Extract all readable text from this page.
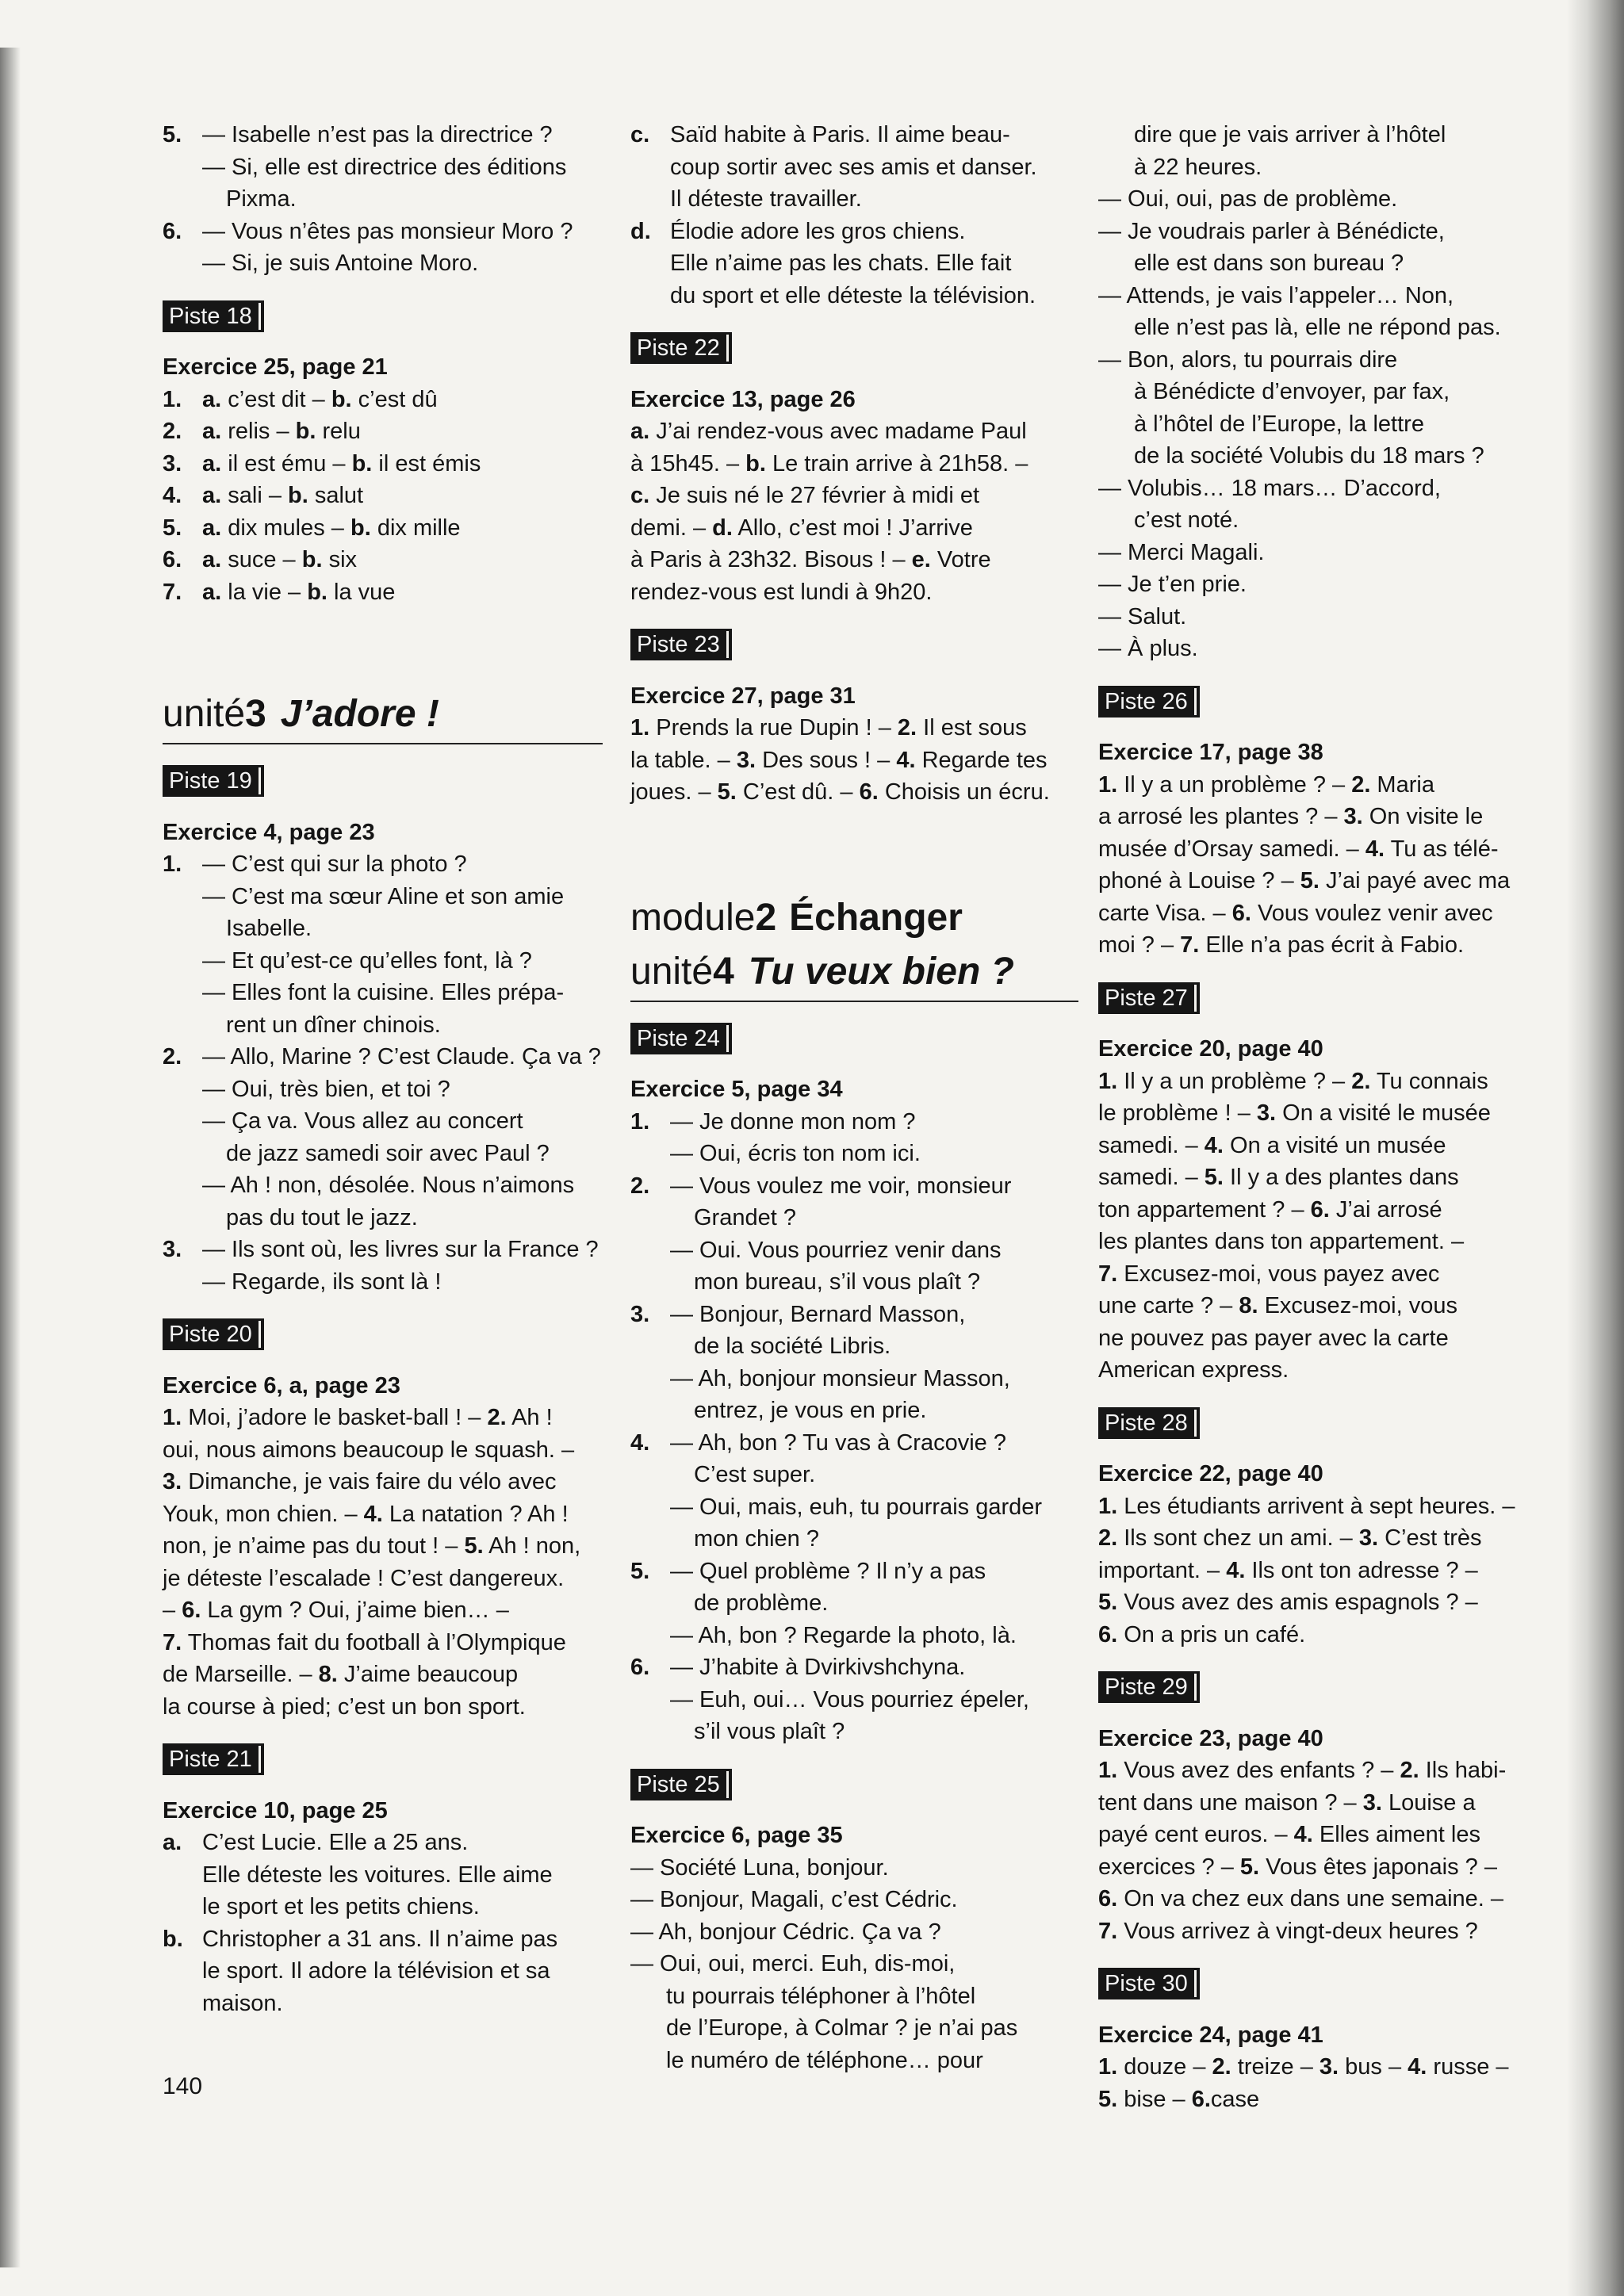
5. — Isabelle n’est pas la directrice ?
— Si, elle est directrice des éditions
Pixma.
6. — Vous n’êtes pas monsieur Moro ?
— Si, je suis Antoine Moro.
Piste 18
Exercice 25, page 21
1. a. c’est dit – b. c’est dû
2. a. relis – b. relu
3. a. il est ému – b. il est émis
4. a. sali – b. salut
5. a. dix mules – b. dix mille
6. a. suce – b. six
7. a. la vie – b. la vue
unité3 J’adore !
Piste 19
Exercice 4, page 23
1. — C’est qui sur la photo ?
— C’est ma sœur Aline et son amie
Isabelle.
— Et qu’est-ce qu’elles font, là ?
— Elles font la cuisine. Elles prépa-
rent un dîner chinois.
2. — Allo, Marine ? C’est Claude. Ça va ?
— Oui, très bien, et toi ?
— Ça va. Vous allez au concert
de jazz samedi soir avec Paul ?
— Ah ! non, désolée. Nous n’aimons
pas du tout le jazz.
3. — Ils sont où, les livres sur la France ?
— Regarde, ils sont là !
Piste 20
Exercice 6, a, page 23
1. Moi, j’adore le basket-ball ! – 2. Ah !
oui, nous aimons beaucoup le squash. –
3. Dimanche, je vais faire du vélo avec
Youk, mon chien. – 4. La natation ? Ah !
non, je n’aime pas du tout ! – 5. Ah ! non,
je déteste l’escalade ! C’est dangereux.
– 6. La gym ? Oui, j’aime bien… –
7. Thomas fait du football à l’Olympique
de Marseille. – 8. J’aime beaucoup
la course à pied; c’est un bon sport.
Piste 21
Exercice 10, page 25
a. C’est Lucie. Elle a 25 ans.
Elle déteste les voitures. Elle aime
le sport et les petits chiens.
b. Christopher a 31 ans. Il n’aime pas
le sport. Il adore la télévision et sa
maison.
c. Saïd habite à Paris. Il aime beau-
coup sortir avec ses amis et danser.
Il déteste travailler.
d. Élodie adore les gros chiens.
Elle n’aime pas les chats. Elle fait
du sport et elle déteste la télévision.
Piste 22
Exercice 13, page 26
a. J’ai rendez-vous avec madame Paul
à 15h45. – b. Le train arrive à 21h58. –
c. Je suis né le 27 février à midi et
demi. – d. Allo, c’est moi ! J’arrive
à Paris à 23h32. Bisous ! – e. Votre
rendez-vous est lundi à 9h20.
Piste 23
Exercice 27, page 31
1. Prends la rue Dupin ! – 2. Il est sous
la table. – 3. Des sous ! – 4. Regarde tes
joues. – 5. C’est dû. – 6. Choisis un écru.
module2 Échanger
unité4 Tu veux bien ?
Piste 24
Exercice 5, page 34
1. — Je donne mon nom ?
— Oui, écris ton nom ici.
2. — Vous voulez me voir, monsieur
Grandet ?
— Oui. Vous pourriez venir dans
mon bureau, s’il vous plaît ?
3. — Bonjour, Bernard Masson,
de la société Libris.
— Ah, bonjour monsieur Masson,
entrez, je vous en prie.
4. — Ah, bon ? Tu vas à Cracovie ?
C’est super.
— Oui, mais, euh, tu pourrais garder
mon chien ?
5. — Quel problème ? Il n’y a pas
de problème.
— Ah, bon ? Regarde la photo, là.
6. — J’habite à Dvirkivshchyna.
— Euh, oui… Vous pourriez épeler,
s’il vous plaît ?
Piste 25
Exercice 6, page 35
— Société Luna, bonjour.
— Bonjour, Magali, c’est Cédric.
— Ah, bonjour Cédric. Ça va ?
— Oui, oui, merci. Euh, dis-moi,
tu pourrais téléphoner à l’hôtel
de l’Europe, à Colmar ? je n’ai pas
le numéro de téléphone… pour
dire que je vais arriver à l’hôtel
à 22 heures.
— Oui, oui, pas de problème.
— Je voudrais parler à Bénédicte,
elle est dans son bureau ?
— Attends, je vais l’appeler… Non,
elle n’est pas là, elle ne répond pas.
— Bon, alors, tu pourrais dire
à Bénédicte d’envoyer, par fax,
à l’hôtel de l’Europe, la lettre
de la société Volubis du 18 mars ?
— Volubis… 18 mars… D’accord,
c’est noté.
— Merci Magali.
— Je t’en prie.
— Salut.
— À plus.
Piste 26
Exercice 17, page 38
1. Il y a un problème ? – 2. Maria
a arrosé les plantes ? – 3. On visite le
musée d’Orsay samedi. – 4. Tu as télé-
phoné à Louise ? – 5. J’ai payé avec ma
carte Visa. – 6. Vous voulez venir avec
moi ? – 7. Elle n’a pas écrit à Fabio.
Piste 27
Exercice 20, page 40
1. Il y a un problème ? – 2. Tu connais
le problème ! – 3. On a visité le musée
samedi. – 4. On a visité un musée
samedi. – 5. Il y a des plantes dans
ton appartement ? – 6. J’ai arrosé
les plantes dans ton appartement. –
7. Excusez-moi, vous payez avec
une carte ? – 8. Excusez-moi, vous
ne pouvez pas payer avec la carte
American express.
Piste 28
Exercice 22, page 40
1. Les étudiants arrivent à sept heures. –
2. Ils sont chez un ami. – 3. C’est très
important. – 4. Ils ont ton adresse ? –
5. Vous avez des amis espagnols ? –
6. On a pris un café.
Piste 29
Exercice 23, page 40
1. Vous avez des enfants ? – 2. Ils habi-
tent dans une maison ? – 3. Louise a
payé cent euros. – 4. Elles aiment les
exercices ? – 5. Vous êtes japonais ? –
6. On va chez eux dans une semaine. –
7. Vous arrivez à vingt-deux heures ?
Piste 30
Exercice 24, page 41
1. douze – 2. treize – 3. bus – 4. russe –
5. bise – 6.case
140
